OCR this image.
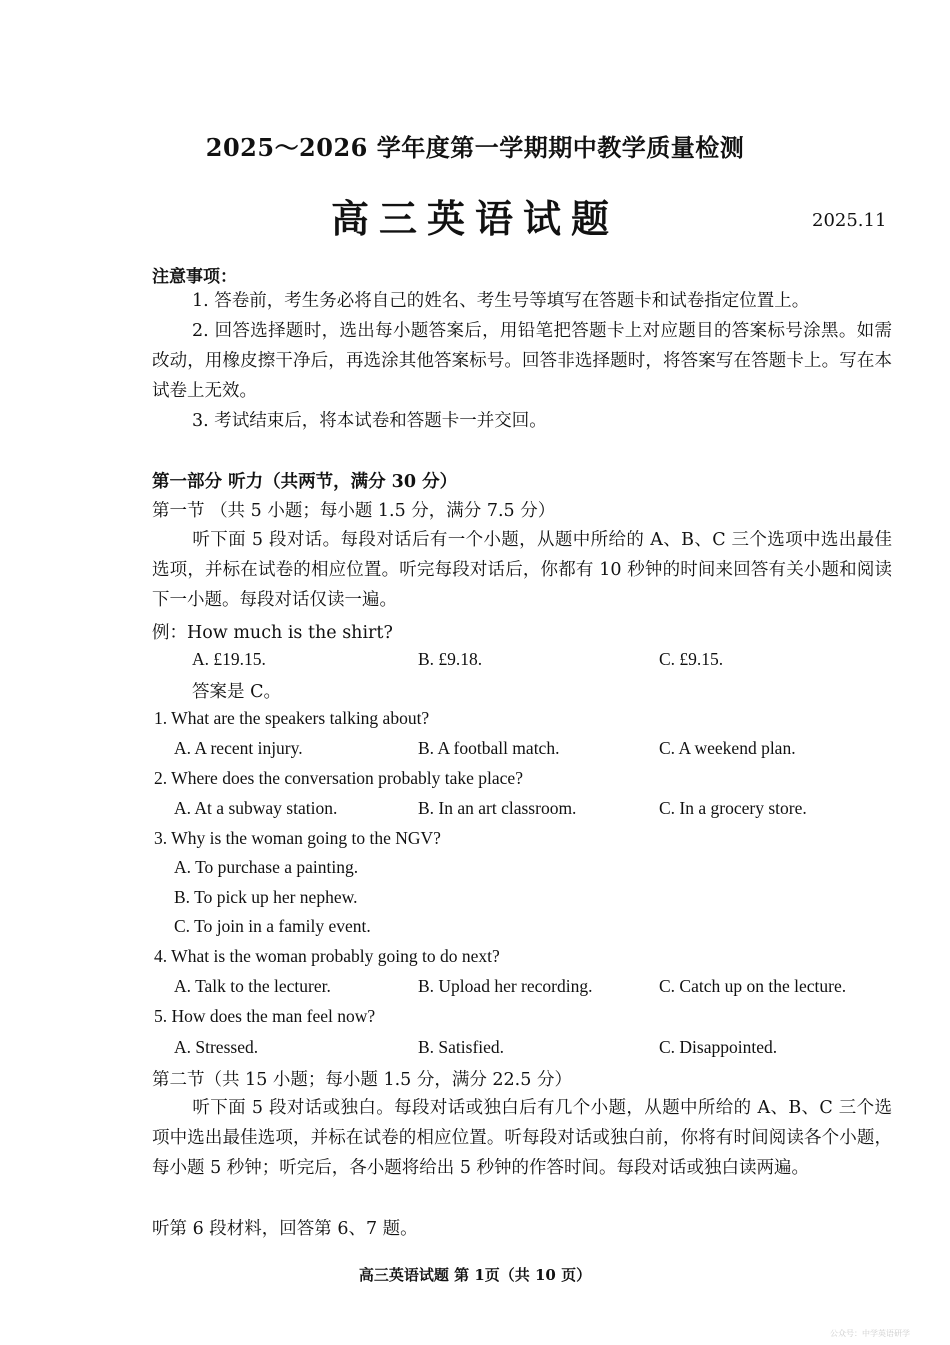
2025～2026 学年度第一学期期中教学质量检测
高三英语试题	2025.11
注意事项：
1. 答卷前，考生务必将自己的姓名、考生号等填写在答题卡和试卷指定位置上。
2. 回答选择题时，选出每小题答案后，用铅笔把答题卡上对应题目的答案标号涂黑。如需改动，用橡皮擦干净后，再选涂其他答案标号。回答非选择题时，将答案写在答题卡上。写在本试卷上无效。
3. 考试结束后，将本试卷和答题卡一并交回。
第一部分 听力（共两节，满分 30 分）
第一节 （共 5 小题；每小题 1.5 分，满分 7.5 分）
听下面 5 段对话。每段对话后有一个小题，从题中所给的 A、B、C 三个选项中选出最佳选项，并标在试卷的相应位置。听完每段对话后，你都有 10 秒钟的时间来回答有关小题和阅读下一小题。每段对话仅读一遍。
例：How much is the shirt?
A. £19.15.	B. £9.18.	C. £9.15.
答案是 C。
1. What are the speakers talking about?
A. A recent injury.	B. A football match.	C. A weekend plan.
2. Where does the conversation probably take place?
A. At a subway station.	B. In an art classroom.	C. In a grocery store.
3. Why is the woman going to the NGV?
A. To purchase a painting.
B. To pick up her nephew.
C. To join in a family event.
4. What is the woman probably going to do next?
A. Talk to the lecturer.	B. Upload her recording.	C. Catch up on the lecture.
5. How does the man feel now?
A. Stressed.	B. Satisfied.	C. Disappointed.
第二节（共 15 小题；每小题 1.5 分，满分 22.5 分）
听下面 5 段对话或独白。每段对话或独白后有几个小题，从题中所给的 A、B、C 三个选项中选出最佳选项，并标在试卷的相应位置。听每段对话或独白前，你将有时间阅读各个小题，每小题 5 秒钟；听完后，各小题将给出 5 秒钟的作答时间。每段对话或独白读两遍。
听第 6 段材料，回答第 6、7 题。
高三英语试题 第 1页（共 10 页）
公众号：中学英语研学
